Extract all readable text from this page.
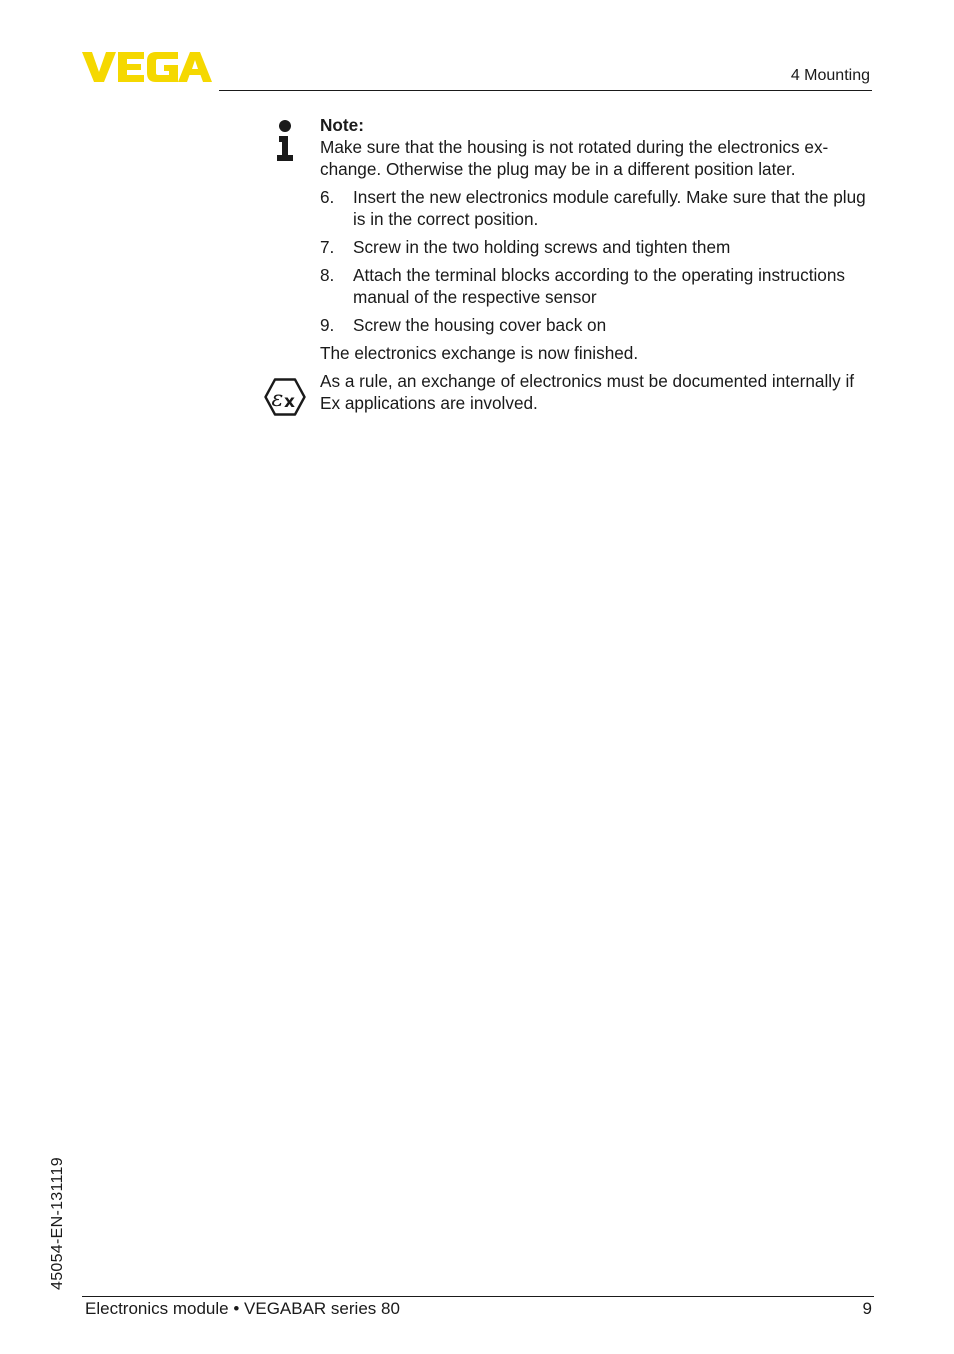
4 Mounting
ε x

Note:

Make sure that the housing is not rotated during the electronics ex-change. Otherwise the plug may be in a different position later.

6.	Insert the new electronics module carefully. Make sure that the plug is in the correct position.
7.	Screw in the two holding screws and tighten them
8.	Attach the terminal blocks according to the operating instructions manual of the respective sensor
9.	Screw the housing cover back on

The electronics exchange is now finished.

As a rule, an exchange of electronics must be documented internally if Ex applications are involved.

45054-EN-131119
Electronics module • VEGABAR series 80	9
